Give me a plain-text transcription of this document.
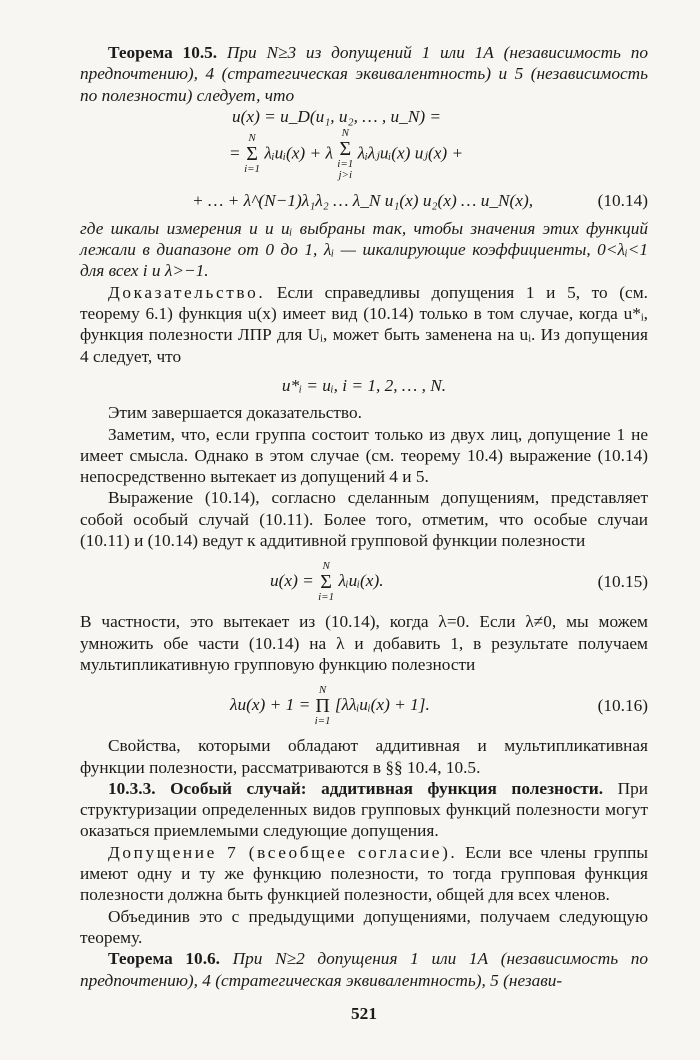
Теорема 10.5. При N≥3 из допущений 1 или 1А (независимость по предпочтению), 4 (стратегическая эквивалентность) и 5 (независимость по полезности) следует, что

u(x) = u_D(u₁, u₂, … , u_N) =
=
N
Σ
i=1
λᵢuᵢ(x) + λ
N
Σ
i=1
j>i
λᵢλⱼuᵢ(x) uⱼ(x) +
+ … + λ^(N−1)λ₁λ₂ … λ_N u₁(x) u₂(x) … u_N(x),	(10.14)

где шкалы измерения u и uᵢ выбраны так, чтобы значения этих функций лежали в диапазоне от 0 до 1, λᵢ — шкалирующие коэффициенты, 0<λᵢ<1 для всех i и λ>−1.

Доказательство. Если справедливы допущения 1 и 5, то (см. теорему 6.1) функция u(x) имеет вид (10.14) только в том случае, когда u*ᵢ, функция полезности ЛПР для Uᵢ, может быть заменена на uᵢ. Из допущения 4 следует, что

u*ᵢ = uᵢ, i = 1, 2, … , N.

Этим завершается доказательство.

Заметим, что, если группа состоит только из двух лиц, допущение 1 не имеет смысла. Однако в этом случае (см. теорему 10.4) выражение (10.14) непосредственно вытекает из допущений 4 и 5.

Выражение (10.14), согласно сделанным допущениям, представляет собой особый случай (10.11). Более того, отметим, что особые случаи (10.11) и (10.14) ведут к аддитивной групповой функции полезности

u(x) =
N
Σ
i=1
λᵢuᵢ(x).	(10.15)

В частности, это вытекает из (10.14), когда λ=0. Если λ≠0, мы можем умножить обе части (10.14) на λ и добавить 1, в результате получаем мультипликативную групповую функцию полезности

λu(x) + 1 =
N
Π
i=1
[λλᵢuᵢ(x) + 1].	(10.16)

Свойства, которыми обладают аддитивная и мультипликативная функции полезности, рассматриваются в §§ 10.4, 10.5.

10.3.3. Особый случай: аддитивная функция полезности. При структуризации определенных видов групповых функций полезности могут оказаться приемлемыми следующие допущения.

Допущение 7 (всеобщее согласие). Если все члены группы имеют одну и ту же функцию полезности, то тогда групповая функция полезности должна быть функцией полезности, общей для всех членов.

Объединив это с предыдущими допущениями, получаем следующую теорему.

Теорема 10.6. При N≥2 допущения 1 или 1А (независимость по предпочтению), 4 (стратегическая эквивалентность), 5 (незави-

521
